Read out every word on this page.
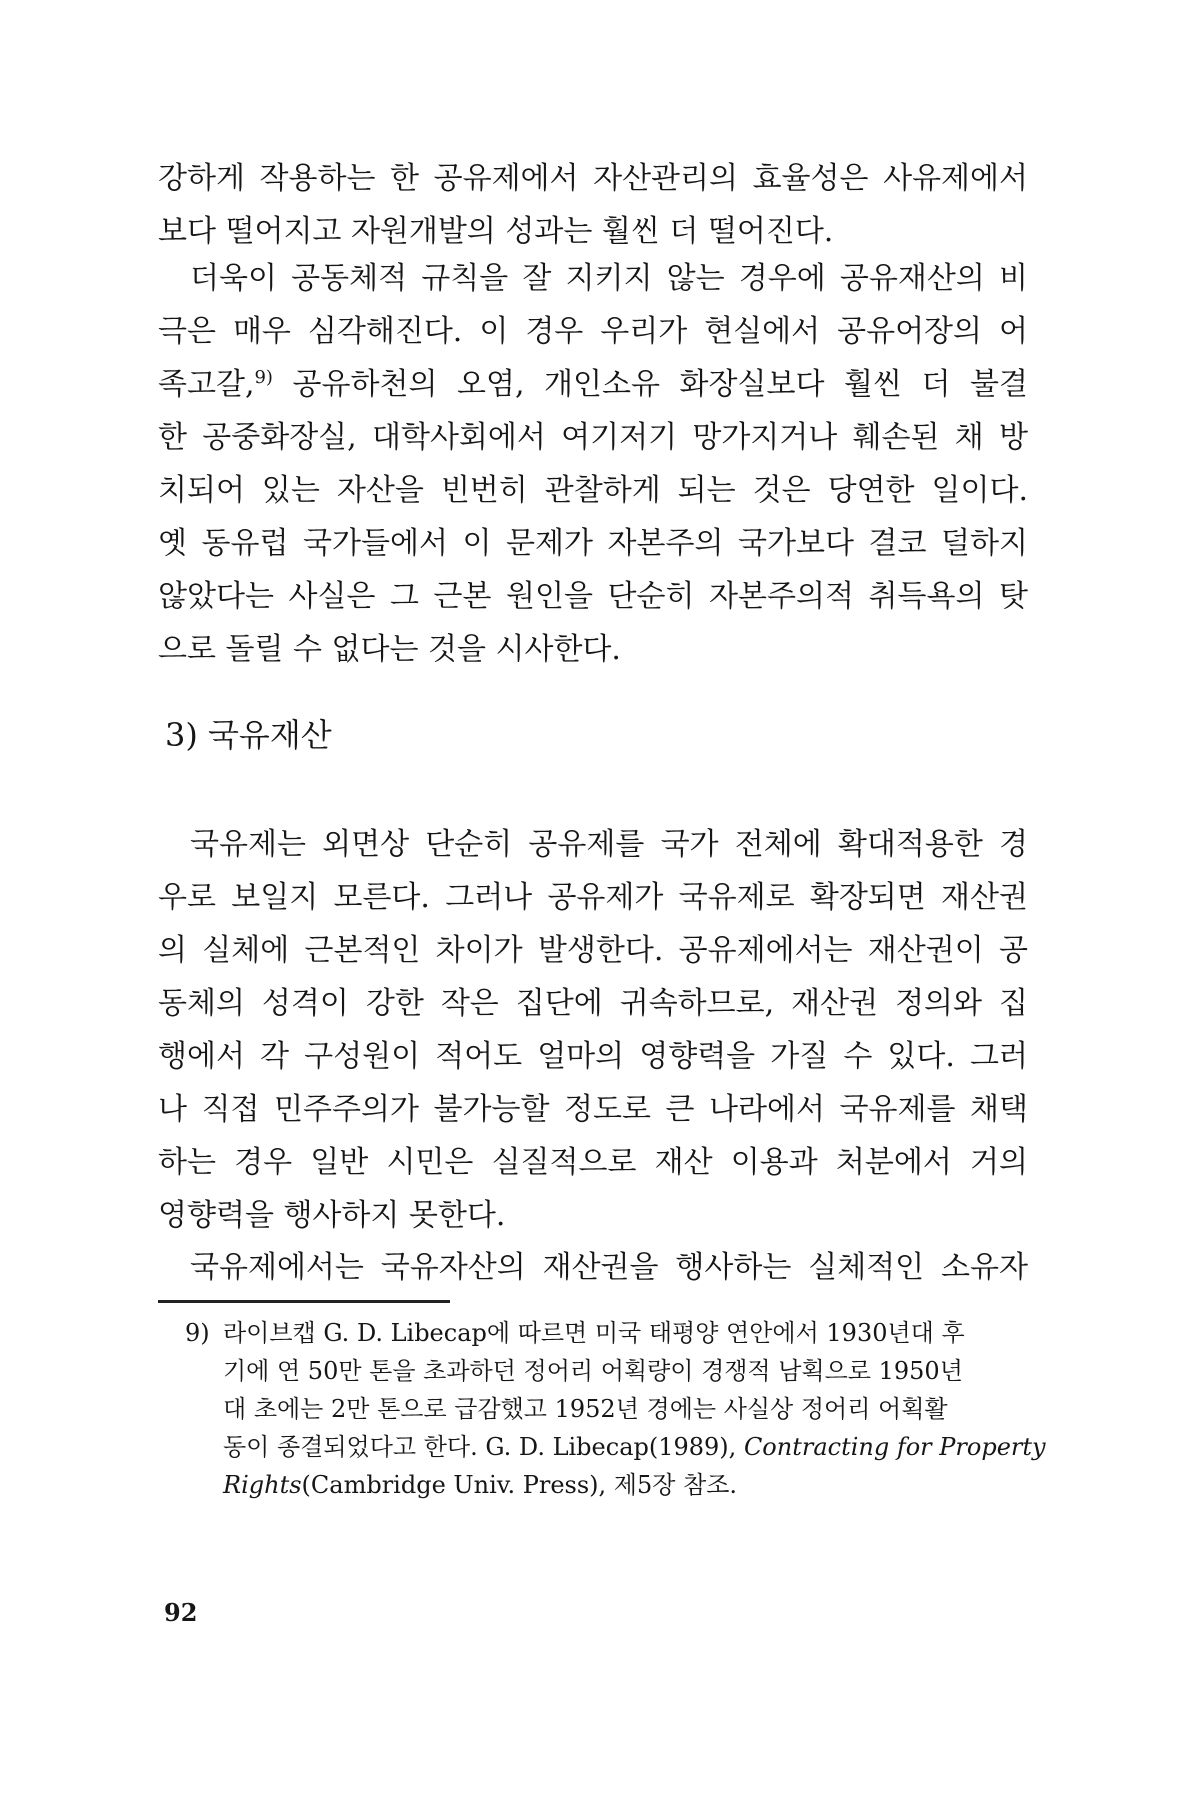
강하게 작용하는 한 공유제에서 자산관리의 효율성은 사유제에서
보다 떨어지고 자원개발의 성과는 훨씬 더 떨어진다.
더욱이 공동체적 규칙을 잘 지키지 않는 경우에 공유재산의 비
극은 매우 심각해진다. 이 경우 우리가 현실에서 공유어장의 어
족고갈,$^{9)}$ 공유하천의 오염, 개인소유 화장실보다 훨씬 더 불결
한 공중화장실, 대학사회에서 여기저기 망가지거나 훼손된 채 방
치되어 있는 자산을 빈번히 관찰하게 되는 것은 당연한 일이다.
옛 동유럽 국가들에서 이 문제가 자본주의 국가보다 결코 덜하지
않았다는 사실은 그 근본 원인을 단순히 자본주의적 취득욕의 탓
으로 돌릴 수 없다는 것을 시사한다.
3) 국유재산
국유제는 외면상 단순히 공유제를 국가 전체에 확대적용한 경
우로 보일지 모른다. 그러나 공유제가 국유제로 확장되면 재산권
의 실체에 근본적인 차이가 발생한다. 공유제에서는 재산권이 공
동체의 성격이 강한 작은 집단에 귀속하므로, 재산권 정의와 집
행에서 각 구성원이 적어도 얼마의 영향력을 가질 수 있다. 그러
나 직접 민주주의가 불가능할 정도로 큰 나라에서 국유제를 채택
하는 경우 일반 시민은 실질적으로 재산 이용과 처분에서 거의
영향력을 행사하지 못한다.
국유제에서는 국유자산의 재산권을 행사하는 실체적인 소유자
9) 라이브캡 G. D. Libecap에 따르면 미국 태평양 연안에서 1930년대 후
기에 연 50만 톤을 초과하던 정어리 어획량이 경쟁적 남획으로 1950년
대 초에는 2만 톤으로 급감했고 1952년 경에는 사실상 정어리 어획활
동이 종결되었다고 한다. G. D. Libecap(1989), Contracting for Property
Rights(Cambridge Univ. Press), 제5장 참조.
92
